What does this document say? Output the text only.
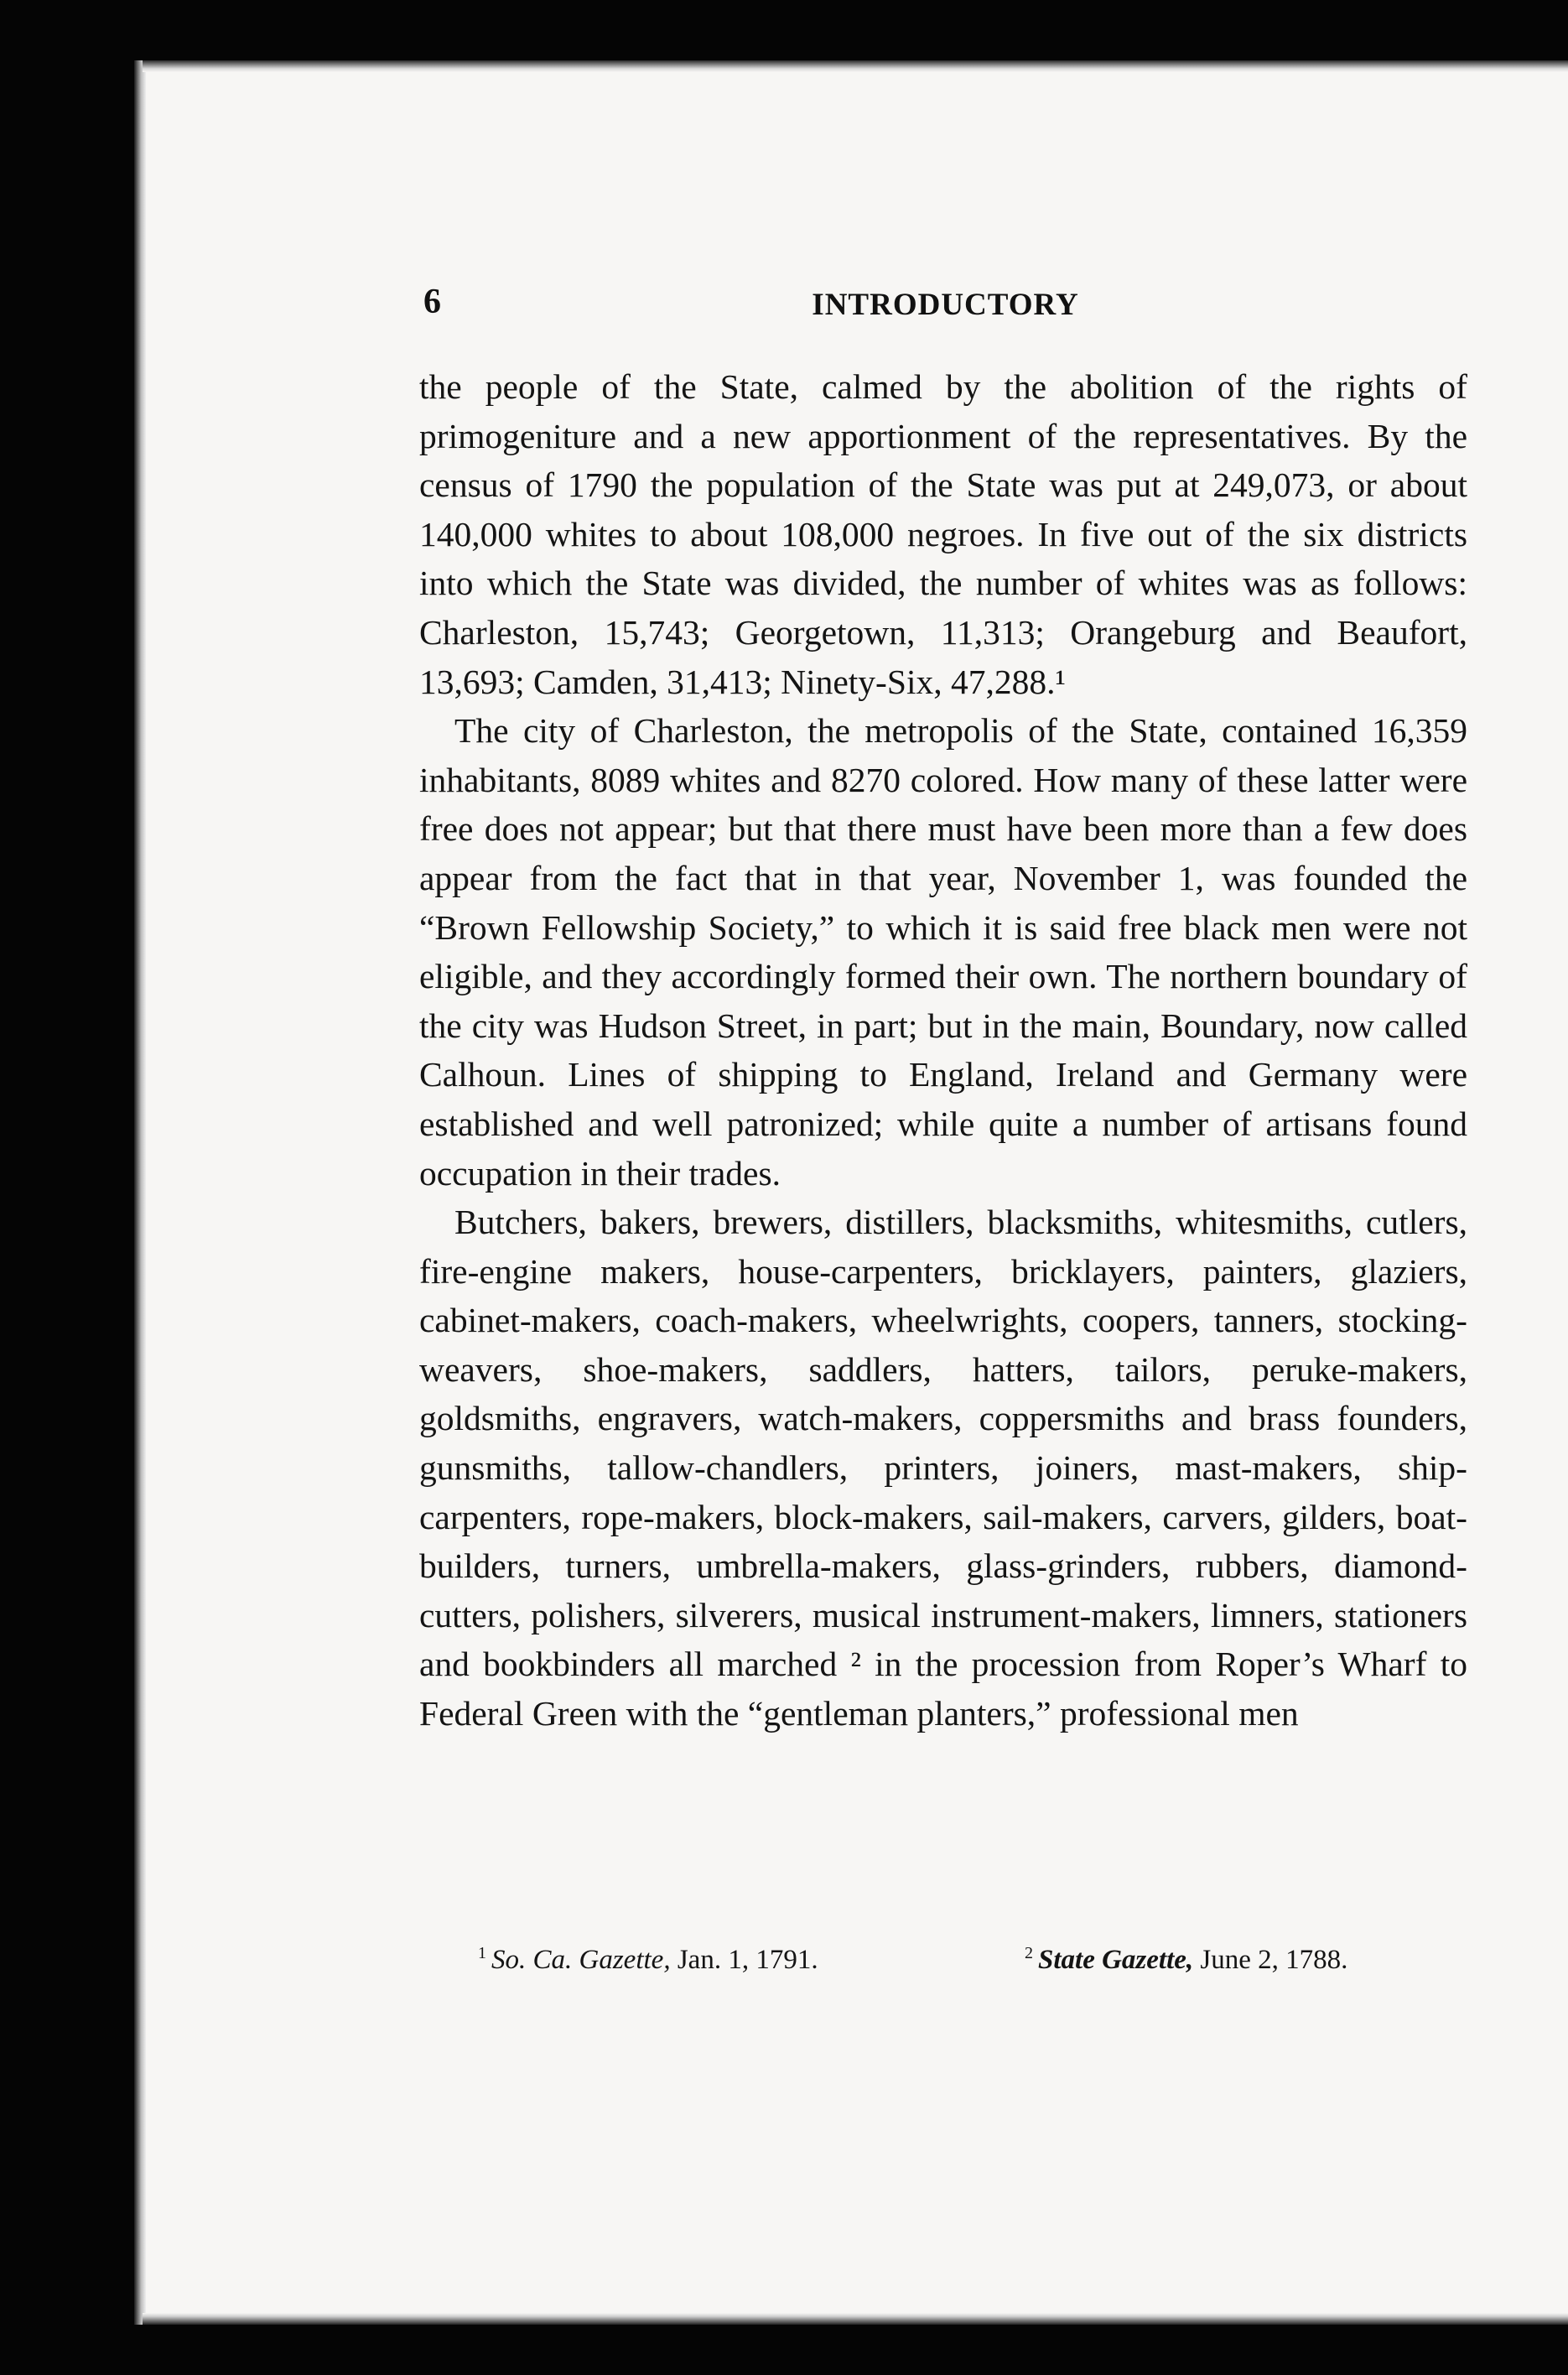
6	INTRODUCTORY

the people of the State, calmed by the abolition of the rights of primogeniture and a new apportionment of the representatives. By the census of 1790 the population of the State was put at 249,073, or about 140,000 whites to about 108,000 negroes. In five out of the six districts into which the State was divided, the number of whites was as follows: Charleston, 15,743; Georgetown, 11,313; Orangeburg and Beaufort, 13,693; Camden, 31,413; Ninety-Six, 47,288.¹

The city of Charleston, the metropolis of the State, contained 16,359 inhabitants, 8089 whites and 8270 colored. How many of these latter were free does not appear; but that there must have been more than a few does appear from the fact that in that year, November 1, was founded the “Brown Fellowship Society,” to which it is said free black men were not eligible, and they accordingly formed their own. The northern boundary of the city was Hudson Street, in part; but in the main, Boundary, now called Calhoun. Lines of shipping to England, Ireland and Germany were established and well patronized; while quite a number of artisans found occupation in their trades.

Butchers, bakers, brewers, distillers, blacksmiths, whitesmiths, cutlers, fire-engine makers, house-carpenters, bricklayers, painters, glaziers, cabinet-makers, coach-makers, wheelwrights, coopers, tanners, stocking-weavers, shoe-makers, saddlers, hatters, tailors, peruke-makers, goldsmiths, engravers, watch-makers, coppersmiths and brass founders, gunsmiths, tallow-chandlers, printers, joiners, mast-makers, ship-carpenters, rope-makers, block-makers, sail-makers, carvers, gilders, boat-builders, turners, umbrella-makers, glass-grinders, rubbers, diamond-cutters, polishers, silverers, musical instrument-makers, limners, stationers and bookbinders all marched ² in the procession from Roper’s Wharf to Federal Green with the “gentleman planters,” professional men

$^1$ So. Ca. Gazette, Jan. 1, 1791.	$^2$ State Gazette, June 2, 1788.
